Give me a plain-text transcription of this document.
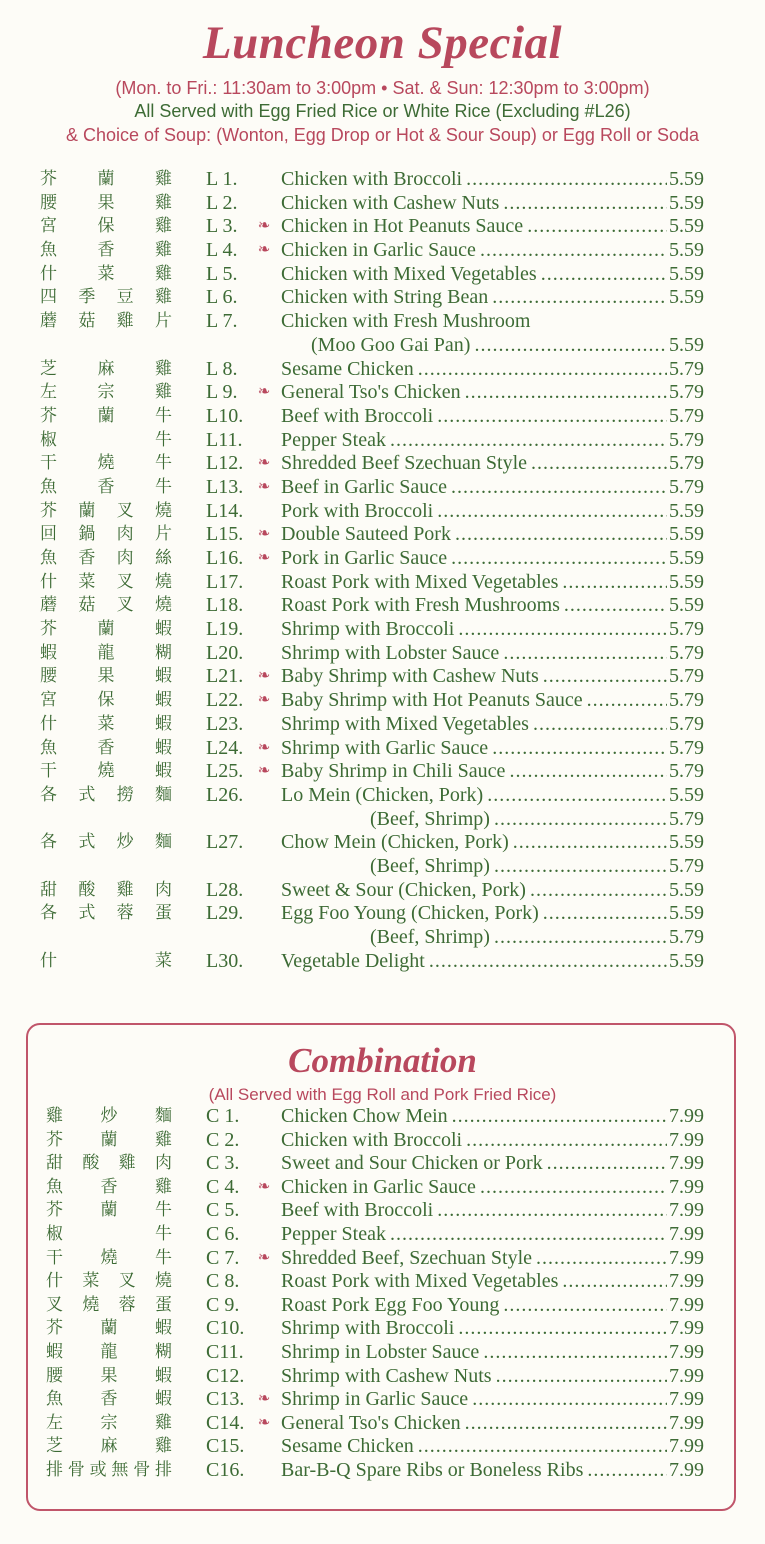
Luncheon Special
(Mon. to Fri.: 11:30am to 3:00pm • Sat. & Sun: 12:30pm to 3:00pm)
All Served with Egg Fried Rice or White Rice (Excluding #L26)
& Choice of Soup: (Wonton, Egg Drop or Hot & Sour Soup) or Egg Roll or Soda
芥 蘭 雞 L 1. Chicken with Broccoli .....	5.59
腰 果 雞 L 2. Chicken with Cashew Nuts .....	5.59
宮 保 雞 L 3. ❧ Chicken in Hot Peanuts Sauce .....	5.59
魚 香 雞 L 4. ❧ Chicken in Garlic Sauce .....	5.59
什 菜 雞 L 5. Chicken with Mixed Vegetables .....	5.59
四 季 豆 雞 L 6. Chicken with String Bean .....	5.59
蘑 菇 雞 片 L 7. Chicken with Fresh Mushroom
(Moo Goo Gai Pan) .....	5.59
芝 麻 雞 L 8. Sesame Chicken .....	5.79
左 宗 雞 L 9. ❧ General Tso's Chicken .....	5.79
芥 蘭 牛 L10. Beef with Broccoli .....	5.79
椒	牛 L11. Pepper Steak .....	5.79
干 燒 牛 L12. ❧ Shredded Beef Szechuan Style .....	5.79
魚 香 牛 L13. ❧ Beef in Garlic Sauce .....	5.79
芥 蘭 叉 燒 L14. Pork with Broccoli .....	5.59
回 鍋 肉 片 L15. ❧ Double Sauteed Pork .....	5.59
魚 香 肉 絲 L16. ❧ Pork in Garlic Sauce .....	5.59
什 菜 叉 燒 L17. Roast Pork with Mixed Vegetables .....	5.59
蘑 菇 叉 燒 L18. Roast Pork with Fresh Mushrooms .....	5.59
芥 蘭 蝦 L19. Shrimp with Broccoli .....	5.79
蝦 龍 糊 L20. Shrimp with Lobster Sauce .....	5.79
腰 果 蝦 L21. ❧ Baby Shrimp with Cashew Nuts .....	5.79
宮 保 蝦 L22. ❧ Baby Shrimp with Hot Peanuts Sauce .....	5.79
什 菜 蝦 L23. Shrimp with Mixed Vegetables .....	5.79
魚 香 蝦 L24. ❧ Shrimp with Garlic Sauce .....	5.79
干 燒 蝦 L25. ❧ Baby Shrimp in Chili Sauce .....	5.79
各 式 撈 麵 L26. Lo Mein (Chicken, Pork) .....	5.59
(Beef, Shrimp) .....	5.79
各 式 炒 麵 L27. Chow Mein (Chicken, Pork) .....	5.59
(Beef, Shrimp) .....	5.79
甜 酸 雞 肉 L28. Sweet & Sour (Chicken, Pork) .....	5.59
各 式 蓉 蛋 L29. Egg Foo Young (Chicken, Pork) .....	5.59
(Beef, Shrimp) .....	5.79
什	菜 L30. Vegetable Delight .....	5.59
Combination
(All Served with Egg Roll and Pork Fried Rice)
雞 炒 麵 C 1. Chicken Chow Mein .....	7.99
芥 蘭 雞 C 2. Chicken with Broccoli .....	7.99
甜 酸 雞 肉 C 3. Sweet and Sour Chicken or Pork .....	7.99
魚 香 雞 C 4. ❧ Chicken in Garlic Sauce .....	7.99
芥 蘭 牛 C 5. Beef with Broccoli .....	7.99
椒	牛 C 6. Pepper Steak .....	7.99
干 燒 牛 C 7. ❧ Shredded Beef, Szechuan Style .....	7.99
什 菜 叉 燒 C 8. Roast Pork with Mixed Vegetables .....	7.99
叉 燒 蓉 蛋 C 9. Roast Pork Egg Foo Young .....	7.99
芥 蘭 蝦 C10. Shrimp with Broccoli .....	7.99
蝦 龍 糊 C11. Shrimp in Lobster Sauce .....	7.99
腰 果 蝦 C12. Shrimp with Cashew Nuts .....	7.99
魚 香 蝦 C13. ❧ Shrimp in Garlic Sauce .....	7.99
左 宗 雞 C14. ❧ General Tso's Chicken .....	7.99
芝 麻 雞 C15. Sesame Chicken .....	7.99
排 骨 或 無 骨 排 C16. Bar-B-Q Spare Ribs or Boneless Ribs .....	7.99
